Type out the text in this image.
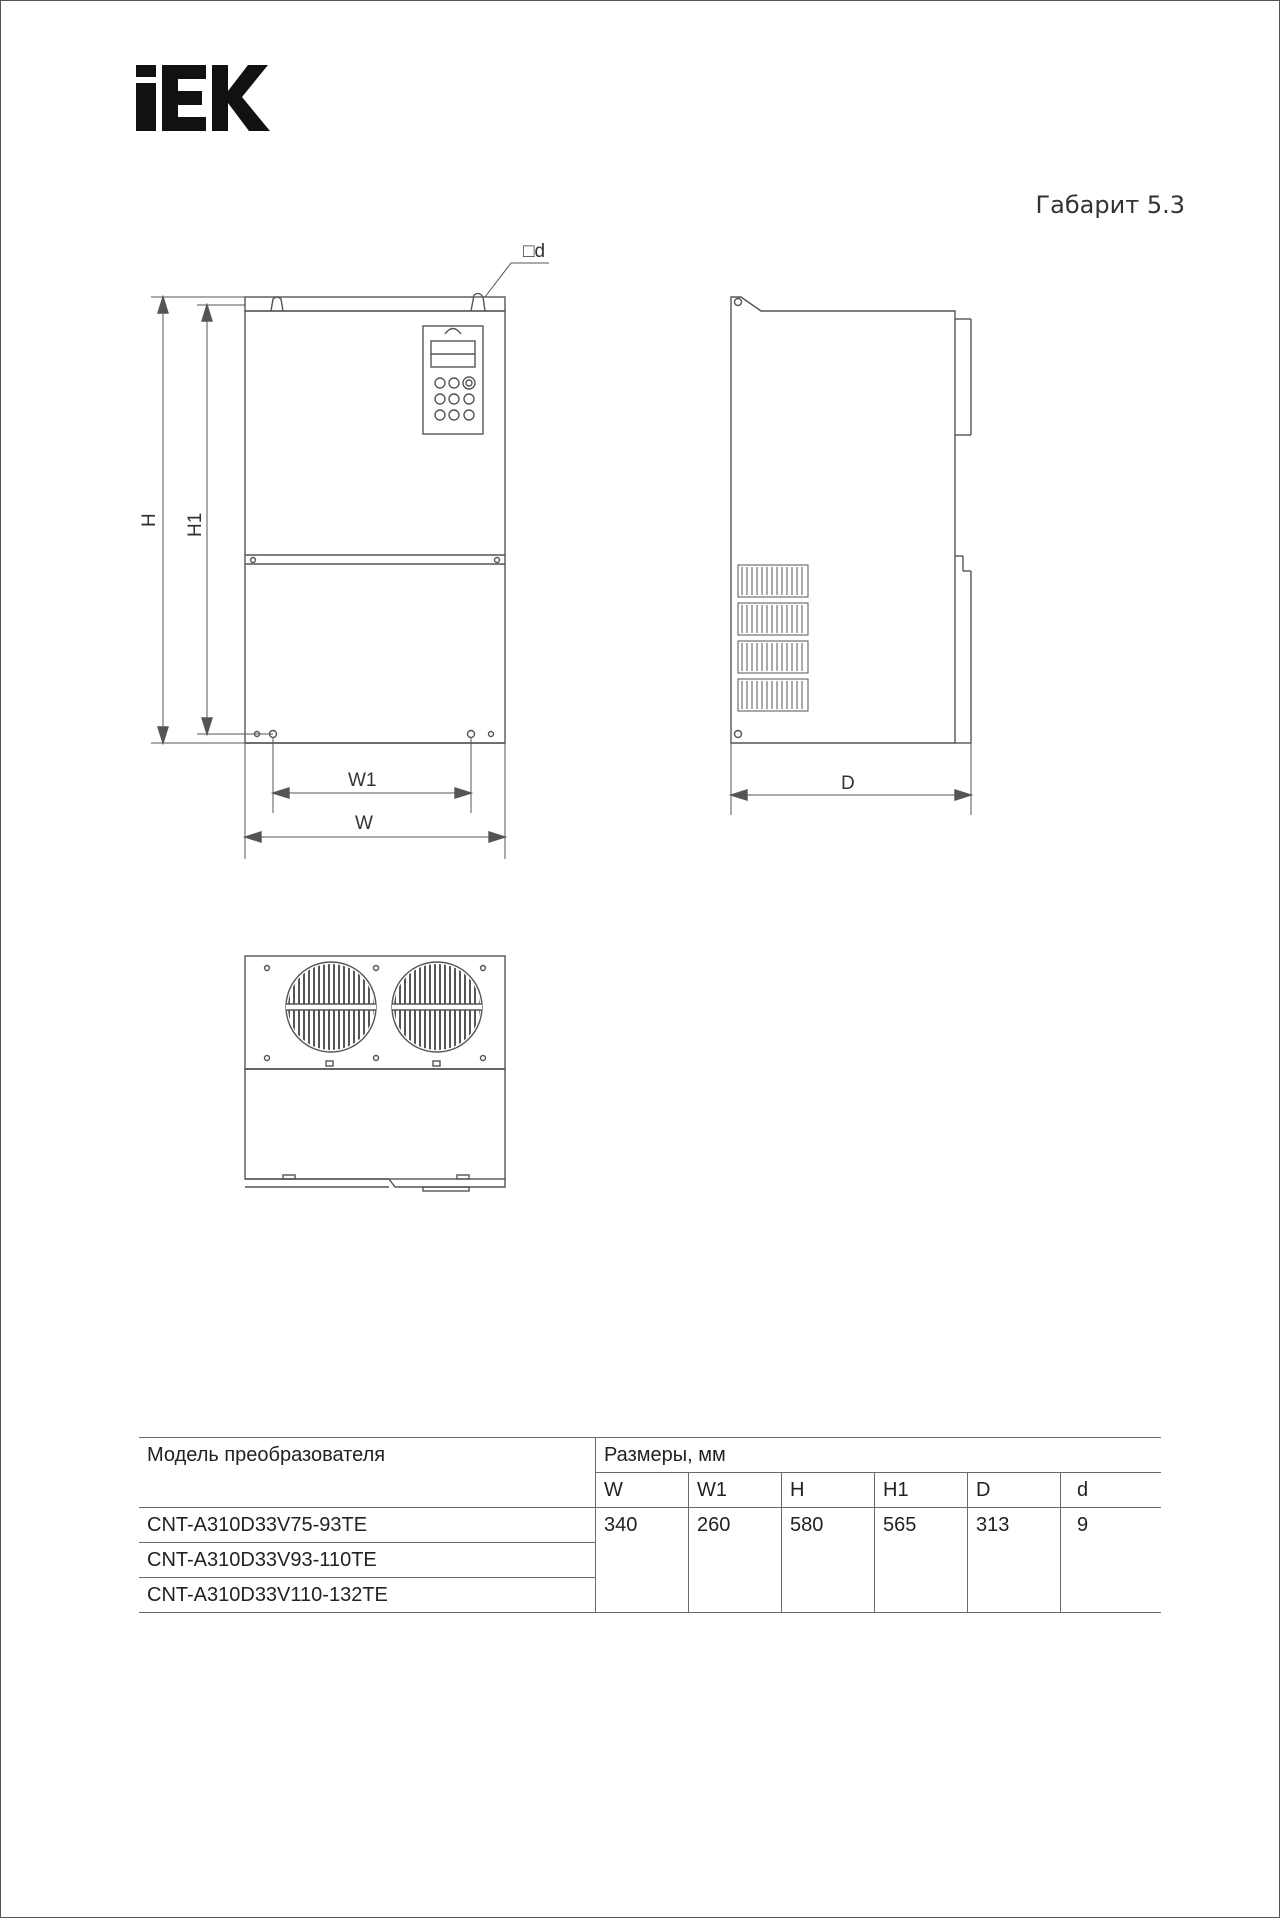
Габарит 5.3
□d
H H1
W1
W
D
Модель преобразователя	Размеры, мм					
	W	W1	H	H1	D	d
CNT-A310D33V75-93TE	340	260	580	565	313	9
CNT-A310D33V93-110TE						
CNT-A310D33V110-132TE						
